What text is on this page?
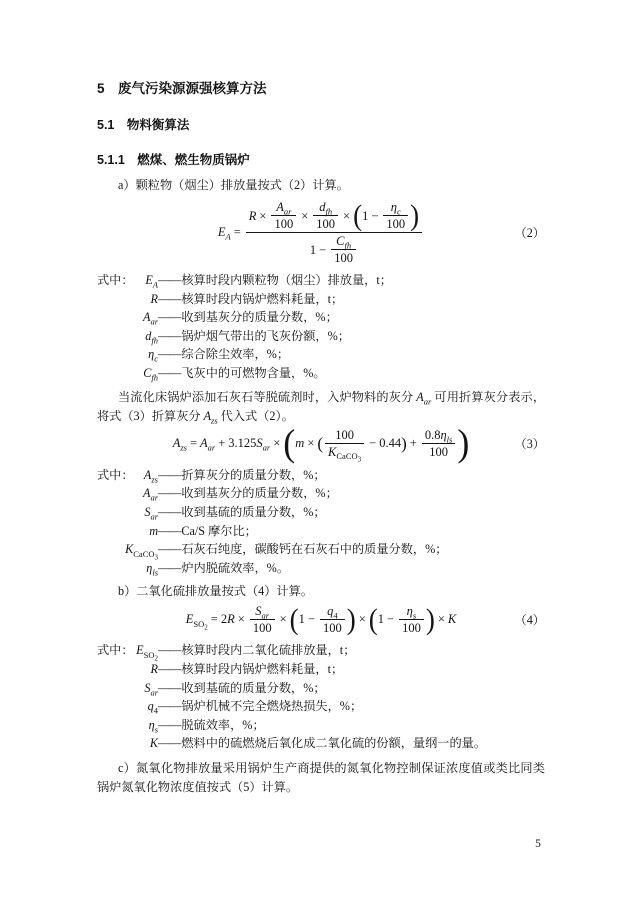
5　废气污染源源强核算方法
5.1　物料衡算法
5.1.1　燃煤、燃生物质锅炉

a）颗粒物（烟尘）排放量按式（2）计算。

$E_A$ =
R ×
$A_{ar}$
100
×
$d_{fh}$
100
× ( $1 - \frac{\eta_c}{100}$ )
1 −
$C_{fh}$
100
（2）
式中： $E_A$ —— 核算时段内颗粒物（烟尘）排放量，t；
R —— 核算时段内锅炉燃料耗量，t；
$A_{ar}$ —— 收到基灰分的质量分数，%；
$d_{fh}$ —— 锅炉烟气带出的飞灰份额，%；
$\eta_c$ —— 综合除尘效率，%；
$C_{fh}$ —— 飞灰中的可燃物含量，%。

当流化床锅炉添加石灰石等脱硫剂时，入炉物料的灰分 $A_{ar}$ 可用折算灰分表示，将式（3）折算灰分 $A_{zs}$ 代入式（2）。

$A_{zs} = A_{ar} + 3.125S_{ar}$ × ( m × ( 100
$K_{CaCO_3}$
− 0.44 ) +
$0.8\eta_{ls}$
100 )	（3）
式中： $A_{zs}$ —— 折算灰分的质量分数，%；
$A_{ar}$ —— 收到基灰分的质量分数，%；
$S_{ar}$ —— 收到基硫的质量分数，%；
m —— Ca/S 摩尔比；
$K_{CaCO_3}$
—— 石灰石纯度，碳酸钙在石灰石中的质量分数，%；
$\eta_{ls}$ —— 炉内脱硫效率，%。

b）二氧化硫排放量按式（4）计算。

$E_{SO_2}$
= 2R ×
$S_{ar}$
100
× ( $1 - \frac{q_4}{100}$ ) × ( $1 - \frac{\eta_s}{100}$ ) × K	（4）
式中： $E_{SO_2}$
—— 核算时段内二氧化硫排放量，t；
R —— 核算时段内锅炉燃料耗量，t；
$S_{ar}$ —— 收到基硫的质量分数，%；
$q_4$ —— 锅炉机械不完全燃烧热损失，%；
$\eta_s$ —— 脱硫效率，%；
K —— 燃料中的硫燃烧后氧化成二氧化硫的份额，量纲一的量。

c）氮氧化物排放量采用锅炉生产商提供的氮氧化物控制保证浓度值或类比同类锅炉氮氧化物浓度值按式（5）计算。

5
